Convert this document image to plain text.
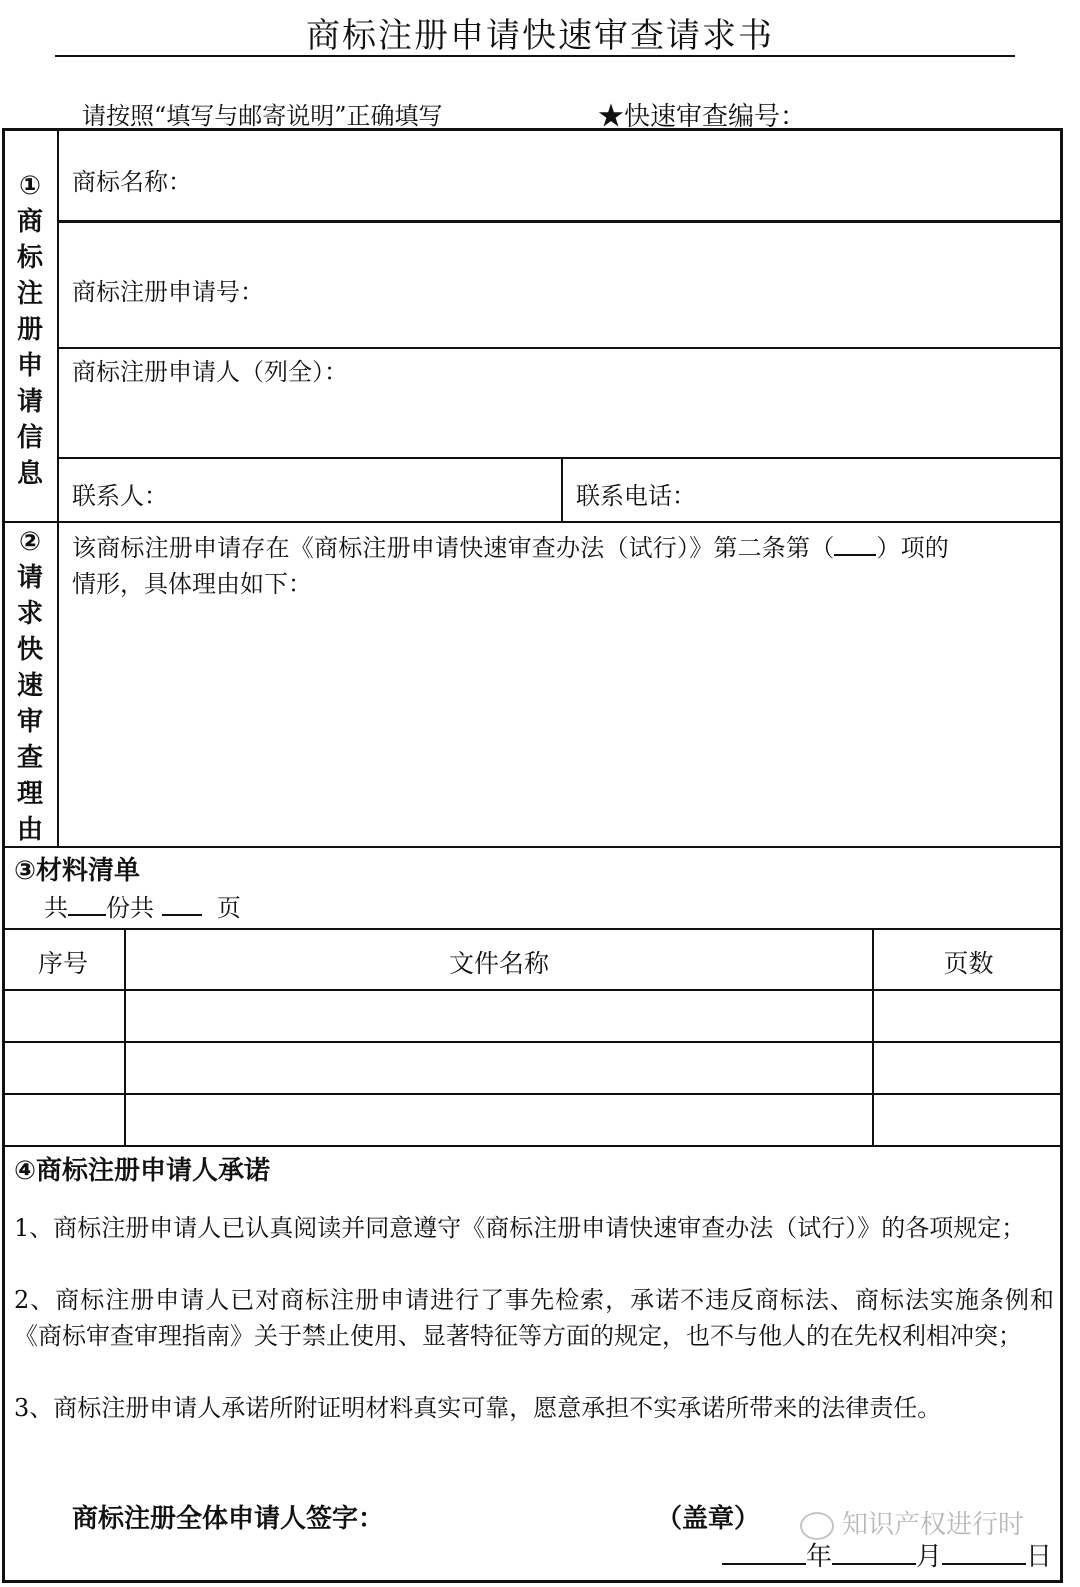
商标注册申请快速审查请求书
请按照“填写与邮寄说明”正确填写	★快速审查编号：
①
商
标
注
册
申
请
信
息
商标名称：
商标注册申请号：
商标注册申请人（列全）：
联系人：	联系电话：
②
请
求
快
速
审
查
理
由
该商标注册申请存在《商标注册申请快速审查办法（试行）》第二条第（ ）项的
情形，具体理由如下：
③材料清单
共 份共	页
序号	文件名称	页数
④商标注册申请人承诺
1、商标注册申请人已认真阅读并同意遵守《商标注册申请快速审查办法（试行）》的各项规定；
2、商标注册申请人已对商标注册申请进行了事先检索，承诺不违反商标法、商标法实施条例和《商标审查审理指南》关于禁止使用、显著特征等方面的规定，也不与他人的在先权利相冲突；
3、商标注册申请人承诺所附证明材料真实可靠，愿意承担不实承诺所带来的法律责任。
商标注册全体申请人签字：	（盖章）	知识产权进行时
年	月	日
